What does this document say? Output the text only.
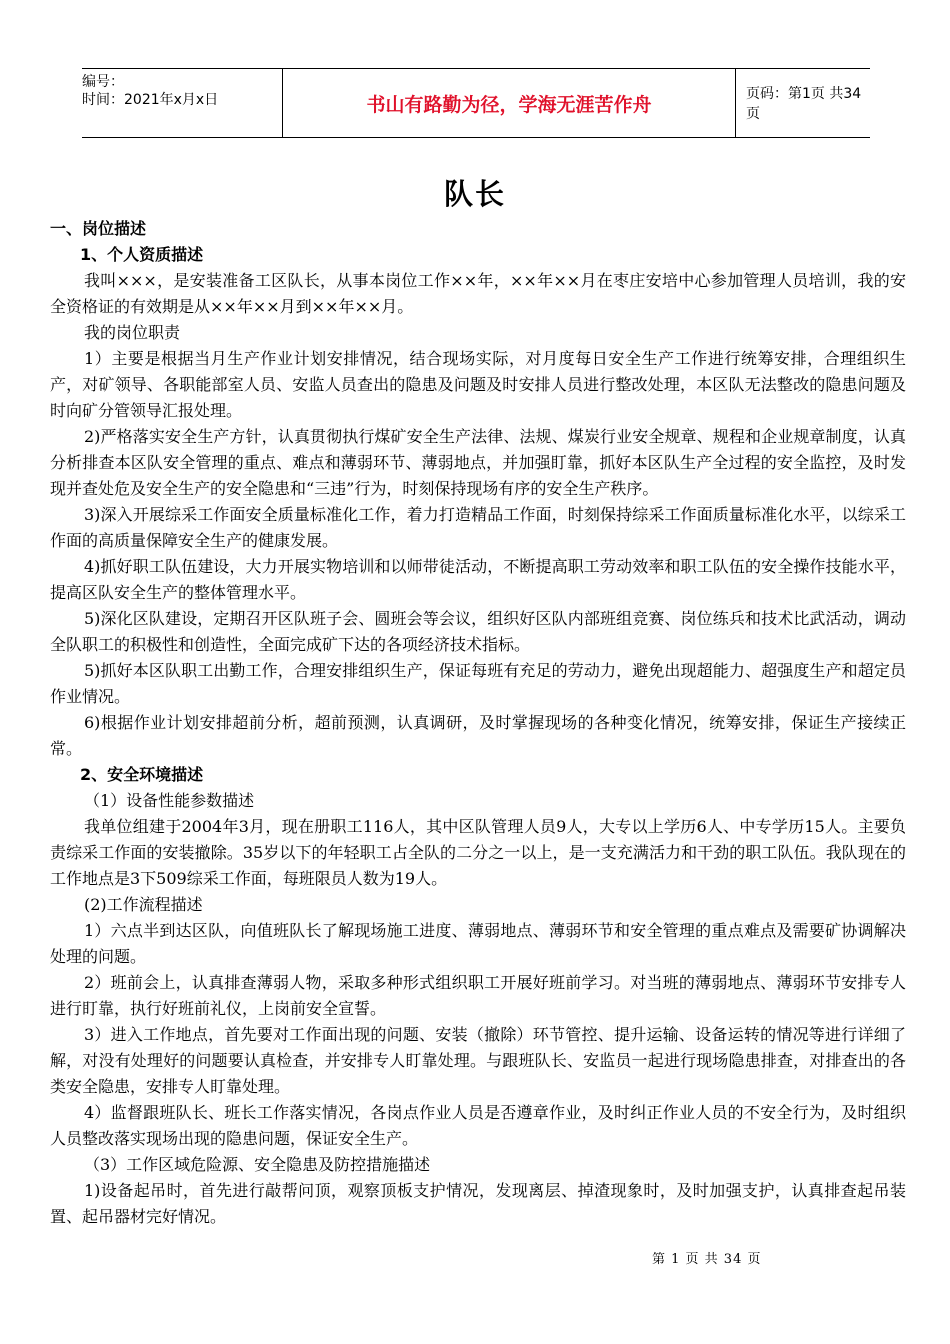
编号：
时间：2021年x月x日	书山有路勤为径，学海无涯苦作舟	页码：第1页 共34页
队长

一、岗位描述

1、个人资质描述

我叫×××，是安装准备工区队长，从事本岗位工作××年，××年××月在枣庄安培中心参加管理人员培训，我的安全资格证的有效期是从××年××月到××年××月。

我的岗位职责

1）主要是根据当月生产作业计划安排情况，结合现场实际，对月度每日安全生产工作进行统筹安排，合理组织生产，对矿领导、各职能部室人员、安监人员查出的隐患及问题及时安排人员进行整改处理，本区队无法整改的隐患问题及时向矿分管领导汇报处理。

2)严格落实安全生产方针，认真贯彻执行煤矿安全生产法律、法规、煤炭行业安全规章、规程和企业规章制度，认真分析排查本区队安全管理的重点、难点和薄弱环节、薄弱地点，并加强盯靠，抓好本区队生产全过程的安全监控，及时发现并查处危及安全生产的安全隐患和“三违”行为，时刻保持现场有序的安全生产秩序。

3)深入开展综采工作面安全质量标准化工作，着力打造精品工作面，时刻保持综采工作面质量标准化水平，以综采工作面的高质量保障安全生产的健康发展。

4)抓好职工队伍建设，大力开展实物培训和以师带徒活动，不断提高职工劳动效率和职工队伍的安全操作技能水平，提高区队安全生产的整体管理水平。

5)深化区队建设，定期召开区队班子会、圆班会等会议，组织好区队内部班组竞赛、岗位练兵和技术比武活动，调动全队职工的积极性和创造性，全面完成矿下达的各项经济技术指标。

5)抓好本区队职工出勤工作，合理安排组织生产，保证每班有充足的劳动力，避免出现超能力、超强度生产和超定员作业情况。

6)根据作业计划安排超前分析，超前预测，认真调研，及时掌握现场的各种变化情况，统筹安排，保证生产接续正常。

2、安全环境描述

（1）设备性能参数描述

我单位组建于2004年3月，现在册职工116人，其中区队管理人员9人，大专以上学历6人、中专学历15人。主要负责综采工作面的安装撤除。35岁以下的年轻职工占全队的二分之一以上，是一支充满活力和干劲的职工队伍。我队现在的工作地点是3下509综采工作面，每班限员人数为19人。

(2)工作流程描述

1）六点半到达区队，向值班队长了解现场施工进度、薄弱地点、薄弱环节和安全管理的重点难点及需要矿协调解决处理的问题。

2）班前会上，认真排查薄弱人物，采取多种形式组织职工开展好班前学习。对当班的薄弱地点、薄弱环节安排专人进行盯靠，执行好班前礼仪，上岗前安全宣誓。

3）进入工作地点，首先要对工作面出现的问题、安装（撤除）环节管控、提升运输、设备运转的情况等进行详细了解，对没有处理好的问题要认真检查，并安排专人盯靠处理。与跟班队长、安监员一起进行现场隐患排查，对排查出的各类安全隐患，安排专人盯靠处理。

4）监督跟班队长、班长工作落实情况，各岗点作业人员是否遵章作业，及时纠正作业人员的不安全行为，及时组织人员整改落实现场出现的隐患问题，保证安全生产。

（3）工作区域危险源、安全隐患及防控措施描述

1)设备起吊时，首先进行敲帮问顶，观察顶板支护情况，发现离层、掉渣现象时，及时加强支护，认真排查起吊装置、起吊器材完好情况。

第 1 页 共 34 页
